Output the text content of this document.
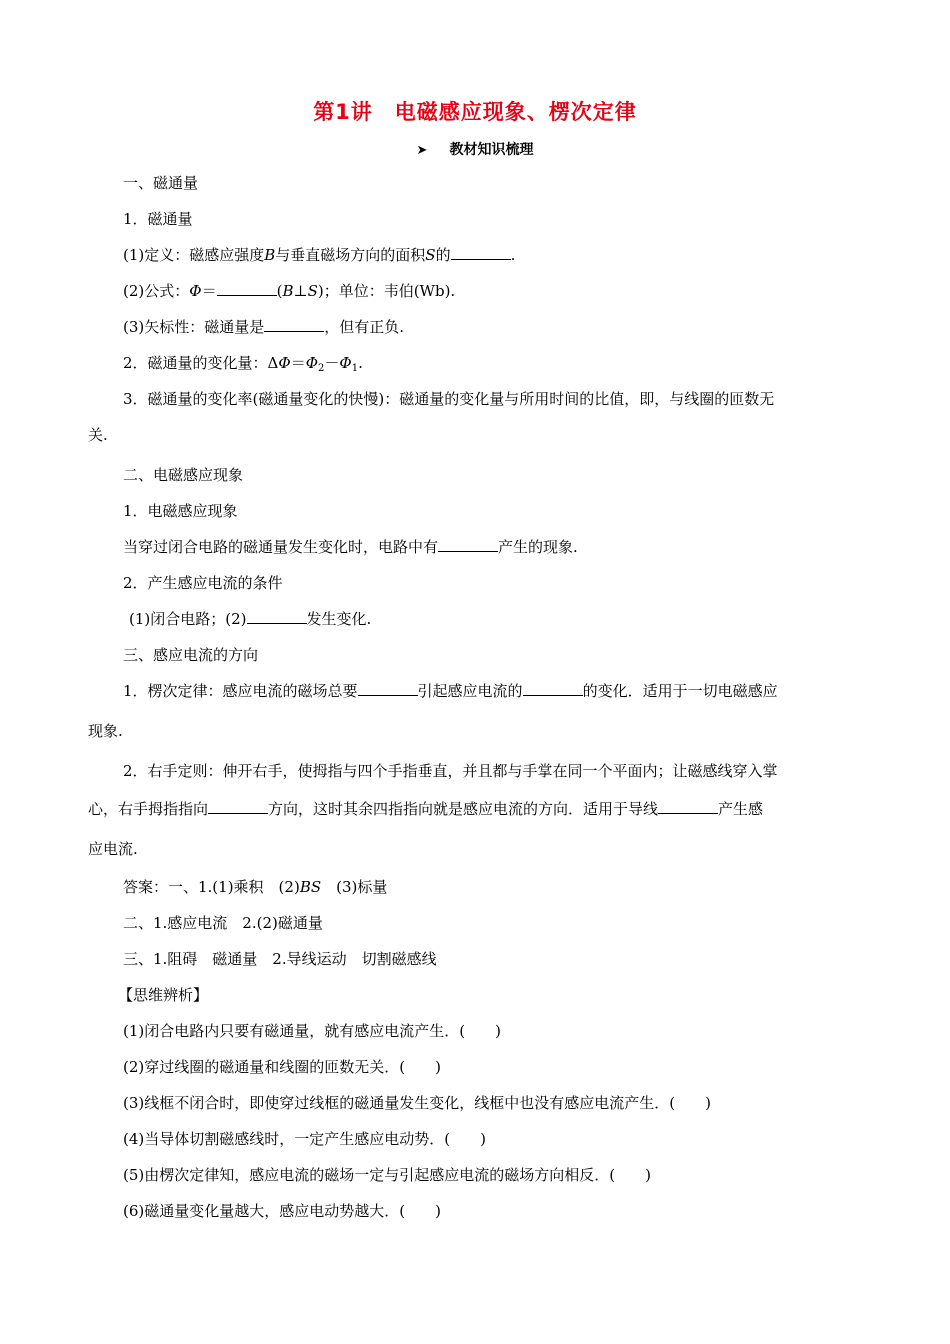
第1讲　电磁感应现象、楞次定律
➤ 教材知识梳理
一、磁通量
1．磁通量
(1)定义：磁感应强度B与垂直磁场方向的面积S的	.
(2)公式：Φ＝	(B⊥S)；单位：韦伯(Wb).
(3)矢标性：磁通量是	，但有正负.
2．磁通量的变化量：$\Delta\Phi=\Phi_2-\Phi_1$.
3．磁通量的变化率(磁通量变化的快慢)：磁通量的变化量与所用时间的比值，即，与线圈的匝数无
关.
二、电磁感应现象
1．电磁感应现象
当穿过闭合电路的磁通量发生变化时，电路中有	产生的现象.
2．产生感应电流的条件
(1)闭合电路；(2)	发生变化.
三、感应电流的方向
1．楞次定律：感应电流的磁场总要	引起感应电流的	的变化．适用于一切电磁感应
现象.
2．右手定则：伸开右手，使拇指与四个手指垂直，并且都与手掌在同一个平面内；让磁感线穿入掌
心，右手拇指指向	方向，这时其余四指指向就是感应电流的方向．适用于导线	产生感
应电流.
答案：一、1.(1)乘积　(2)BS　(3)标量
二、1.感应电流　2.(2)磁通量
三、1.阻碍　磁通量　2.导线运动　切割磁感线
【思维辨析】
(1)闭合电路内只要有磁通量，就有感应电流产生．(　　)
(2)穿过线圈的磁通量和线圈的匝数无关．(　　)
(3)线框不闭合时，即使穿过线框的磁通量发生变化，线框中也没有感应电流产生．(　　)
(4)当导体切割磁感线时，一定产生感应电动势．(　　)
(5)由楞次定律知，感应电流的磁场一定与引起感应电流的磁场方向相反．(　　)
(6)磁通量变化量越大，感应电动势越大．(　　)
